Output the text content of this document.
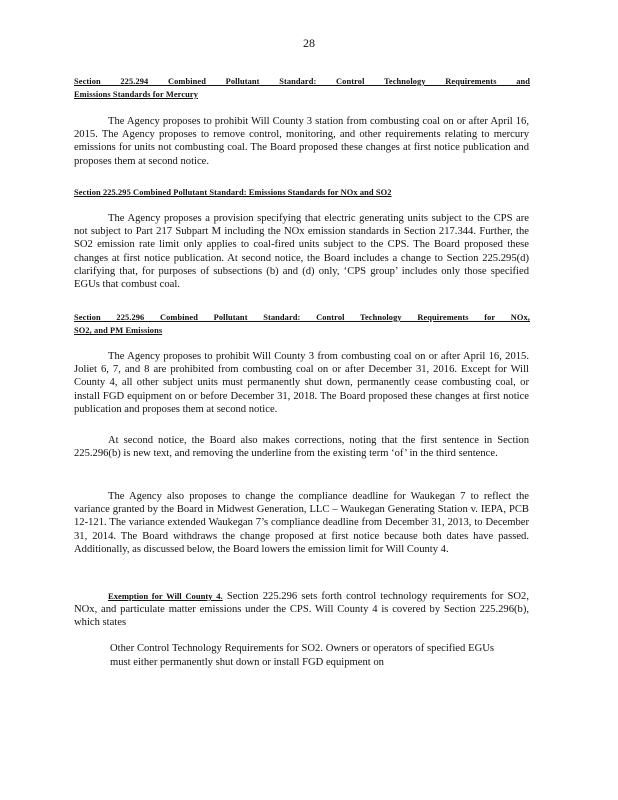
28
Section 225.294 Combined Pollutant Standard: Control Technology Requirements and
Emissions Standards for Mercury
The Agency proposes to prohibit Will County 3 station from combusting coal on or after April 16, 2015. The Agency proposes to remove control, monitoring, and other requirements relating to mercury emissions for units not combusting coal. The Board proposed these changes at first notice publication and proposes them at second notice.
Section 225.295 Combined Pollutant Standard: Emissions Standards for NOx and SO2
The Agency proposes a provision specifying that electric generating units subject to the CPS are not subject to Part 217 Subpart M including the NOx emission standards in Section 217.344. Further, the SO2 emission rate limit only applies to coal-fired units subject to the CPS. The Board proposed these changes at first notice publication. At second notice, the Board includes a change to Section 225.295(d) clarifying that, for purposes of subsections (b) and (d) only, ‘CPS group’ includes only those specified EGUs that combust coal.
Section 225.296 Combined Pollutant Standard: Control Technology Requirements for NOx,
SO2, and PM Emissions
The Agency proposes to prohibit Will County 3 from combusting coal on or after April 16, 2015. Joliet 6, 7, and 8 are prohibited from combusting coal on or after December 31, 2016. Except for Will County 4, all other subject units must permanently shut down, permanently cease combusting coal, or install FGD equipment on or before December 31, 2018. The Board proposed these changes at first notice publication and proposes them at second notice.
At second notice, the Board also makes corrections, noting that the first sentence in Section 225.296(b) is new text, and removing the underline from the existing term ‘of’ in the third sentence.
The Agency also proposes to change the compliance deadline for Waukegan 7 to reflect the variance granted by the Board in Midwest Generation, LLC – Waukegan Generating Station v. IEPA, PCB 12-121. The variance extended Waukegan 7’s compliance deadline from December 31, 2013, to December 31, 2014. The Board withdraws the change proposed at first notice because both dates have passed. Additionally, as discussed below, the Board lowers the emission limit for Will County 4.
Exemption for Will County 4. Section 225.296 sets forth control technology requirements for SO2, NOx, and particulate matter emissions under the CPS. Will County 4 is covered by Section 225.296(b), which states
Other Control Technology Requirements for SO2. Owners or operators of specified EGUs must either permanently shut down or install FGD equipment on
